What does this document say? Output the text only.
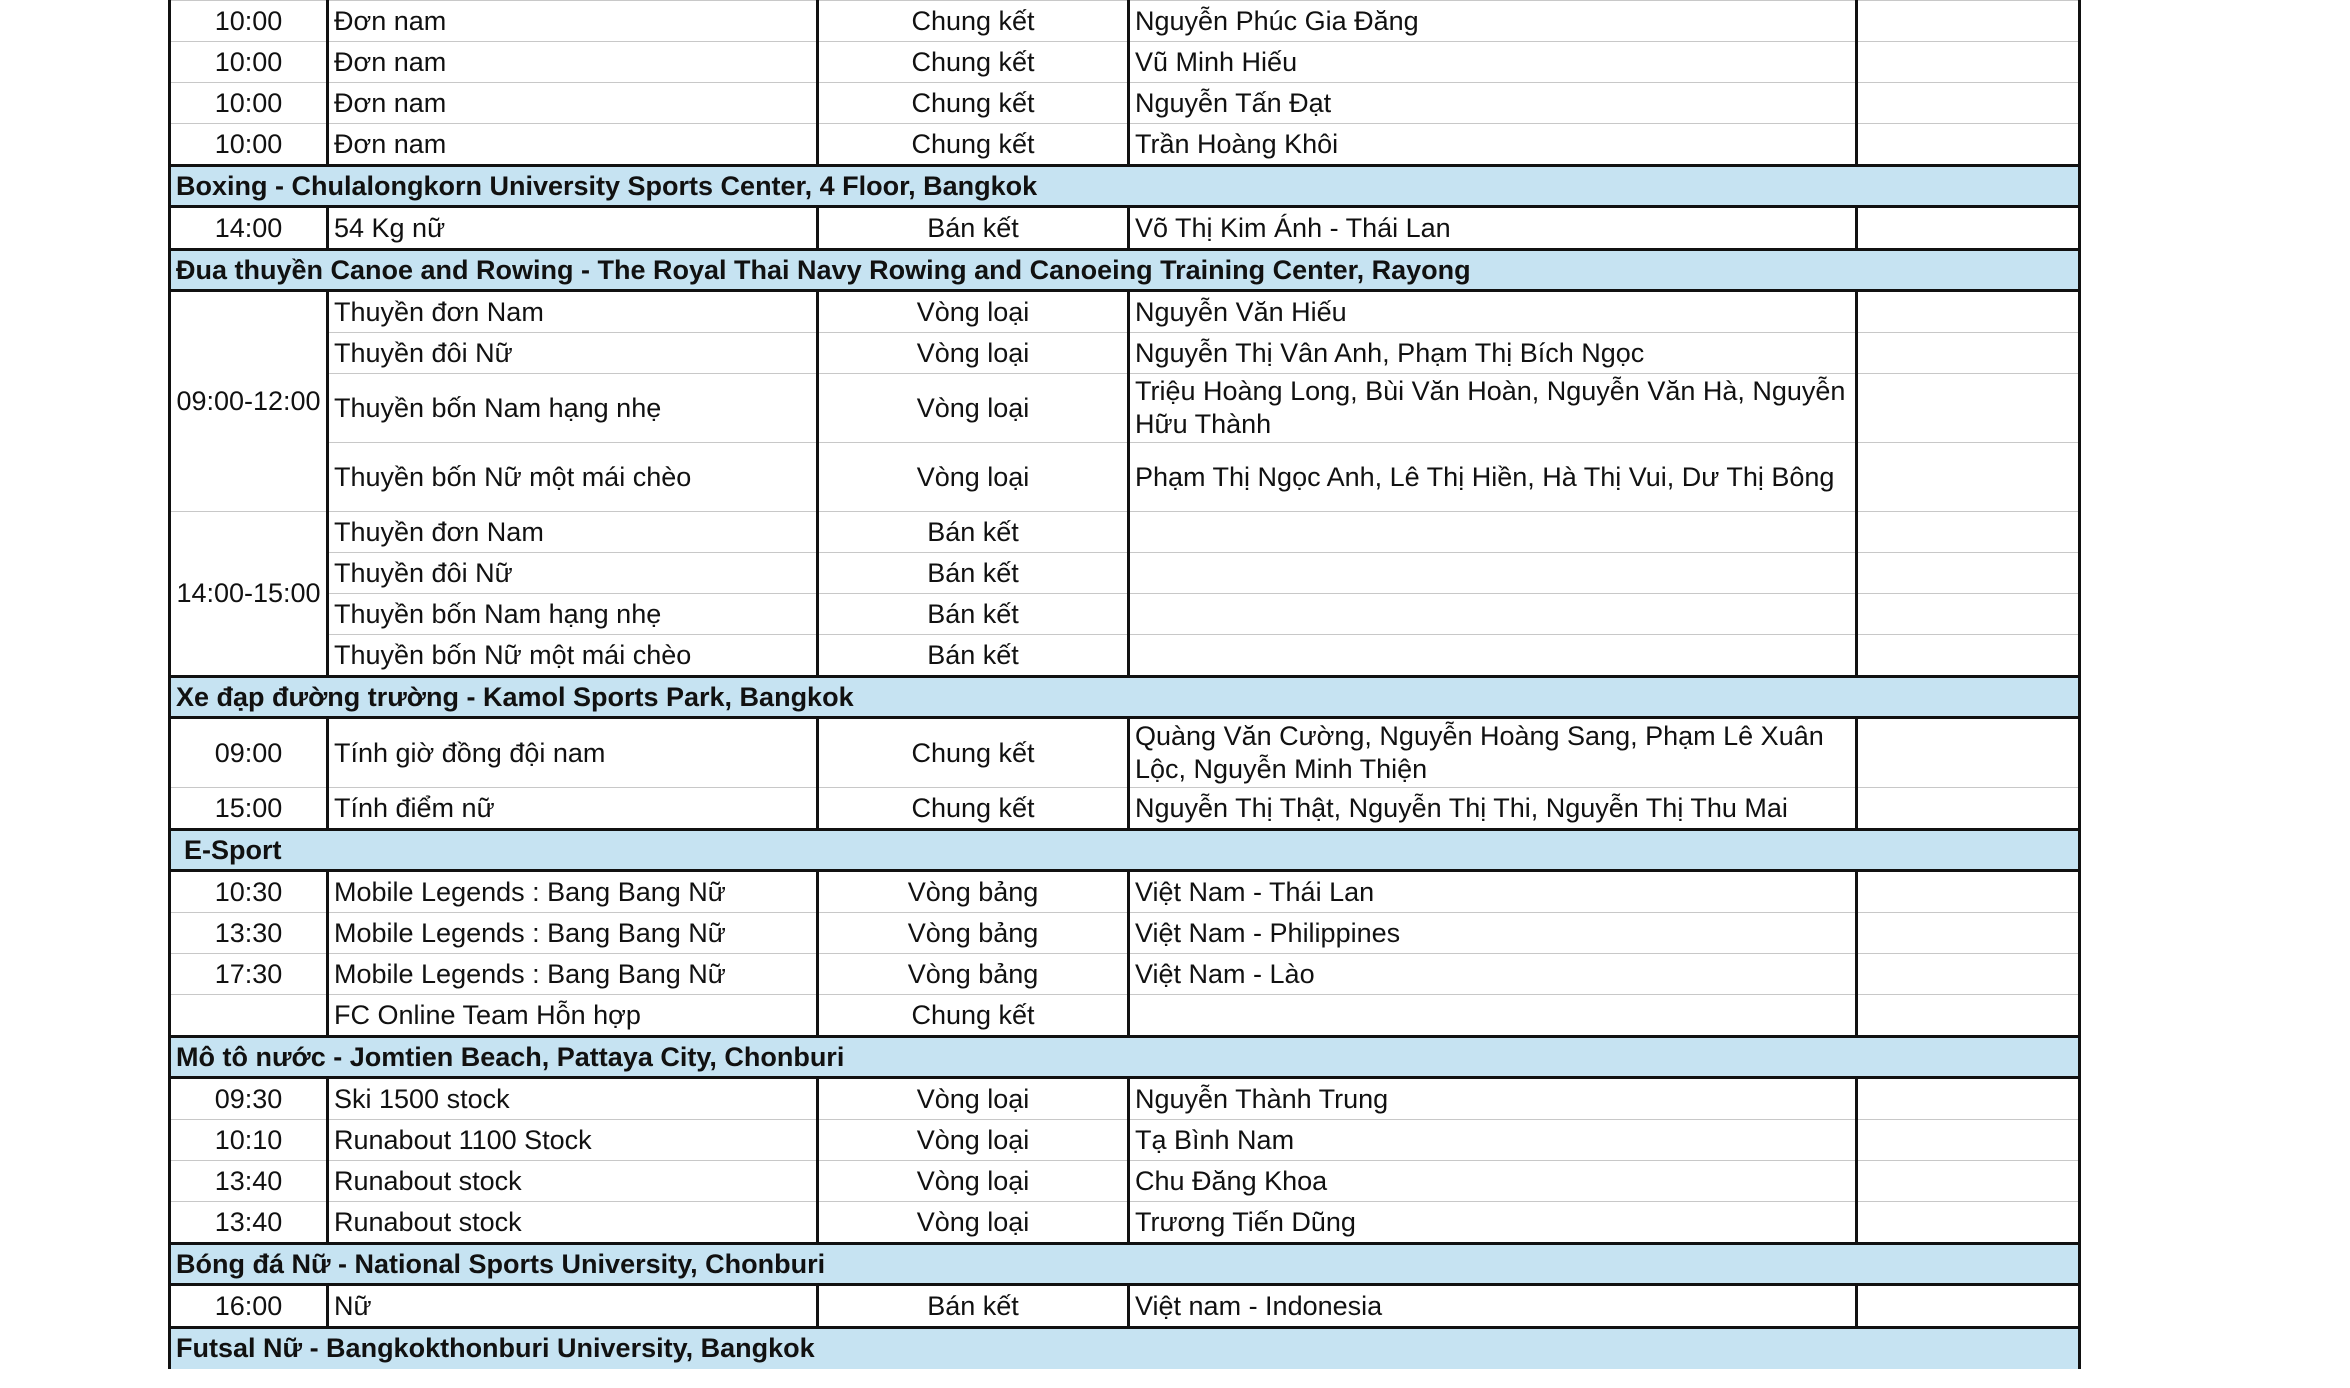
10:00	Đơn nam	Chung kết	Nguyễn Phúc Gia Đăng	
10:00	Đơn nam	Chung kết	Vũ Minh Hiếu	
10:00	Đơn nam	Chung kết	Nguyễn Tấn Đạt	
10:00	Đơn nam	Chung kết	Trần Hoàng Khôi	
Boxing - Chulalongkorn University Sports Center, 4 Floor, Bangkok				
14:00	54 Kg nữ	Bán kết	Võ Thị Kim Ánh - Thái Lan	
Đua thuyền Canoe and Rowing - The Royal Thai Navy Rowing and Canoeing Training Center, Rayong				
09:00-12:00	Thuyền đơn Nam	Vòng loại	Nguyễn Văn Hiếu	
	Thuyền đôi Nữ	Vòng loại	Nguyễn Thị Vân Anh, Phạm Thị Bích Ngọc	
	Thuyền bốn Nam hạng nhẹ	Vòng loại	Triệu Hoàng Long, Bùi Văn Hoàn, Nguyễn Văn Hà, Nguyễn Hữu Thành	
	Thuyền bốn Nữ một mái chèo	Vòng loại	Phạm Thị Ngọc Anh, Lê Thị Hiền, Hà Thị Vui, Dư Thị Bông	
14:00-15:00	Thuyền đơn Nam	Bán kết		
	Thuyền đôi Nữ	Bán kết		
	Thuyền bốn Nam hạng nhẹ	Bán kết		
	Thuyền bốn Nữ một mái chèo	Bán kết		
Xe đạp đường trường - Kamol Sports Park, Bangkok				
09:00	Tính giờ đồng đội nam	Chung kết	Quàng Văn Cường, Nguyễn Hoàng Sang, Phạm Lê Xuân Lộc, Nguyễn Minh Thiện	
15:00	Tính điểm nữ	Chung kết	Nguyễn Thị Thật, Nguyễn Thị Thi, Nguyễn Thị Thu Mai	
E-Sport				
10:30	Mobile Legends : Bang Bang Nữ	Vòng bảng	Việt Nam - Thái Lan	
13:30	Mobile Legends : Bang Bang Nữ	Vòng bảng	Việt Nam - Philippines	
17:30	Mobile Legends : Bang Bang Nữ	Vòng bảng	Việt Nam - Lào	
	FC Online Team Hỗn hợp	Chung kết		
Mô tô nước - Jomtien Beach, Pattaya City, Chonburi				
09:30	Ski 1500 stock	Vòng loại	Nguyễn Thành Trung	
10:10	Runabout 1100 Stock	Vòng loại	Tạ Bình Nam	
13:40	Runabout stock	Vòng loại	Chu Đăng Khoa	
13:40	Runabout stock	Vòng loại	Trương Tiến Dũng	
Bóng đá Nữ - National Sports University, Chonburi				
16:00	Nữ	Bán kết	Việt nam - Indonesia	
Futsal Nữ - Bangkokthonburi University, Bangkok				
